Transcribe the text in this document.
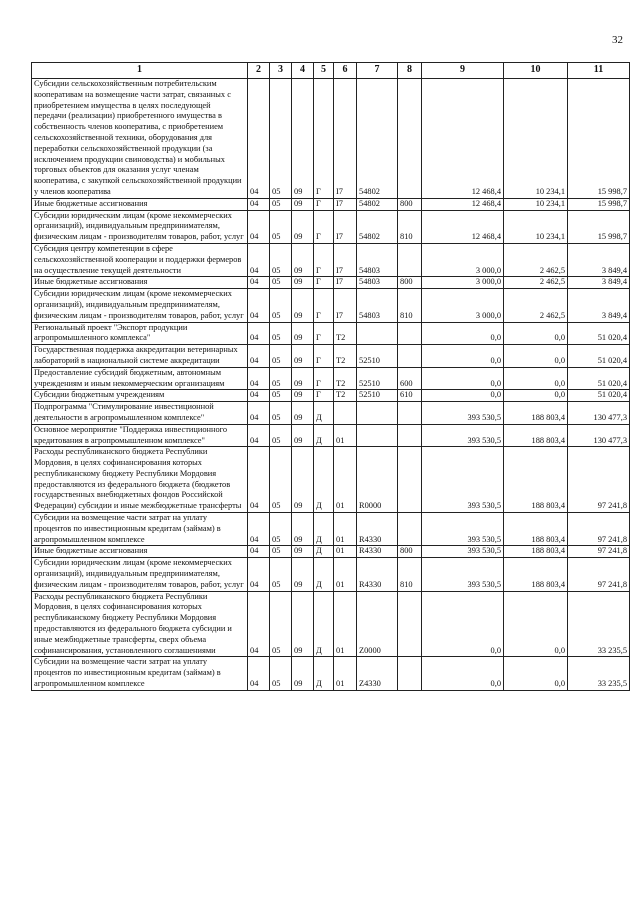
32
1	2	3	4	5	6	7	8	9	10	11
Субсидии сельскохозяйственным потребительским кооперативам на возмещение части затрат, связанных с приобретением имущества в целях последующей передачи (реализации) приобретенного имущества в собственность членов кооператива, с приобретением сельскохозяйственной техники, оборудования для переработки сельскохозяйственной продукции (за исключением продукции свиноводства) и мобильных торговых объектов для оказания услуг членам кооператива, с закупкой сельскохозяйственной продукции у членов кооператива	04	05	09	Г	I7	54802		12 468,4	10 234,1	15 998,7
Иные бюджетные ассигнования	04	05	09	Г	I7	54802	800	12 468,4	10 234,1	15 998,7
Субсидии юридическим лицам (кроме некоммерческих организаций), индивидуальным предпринимателям, физическим лицам - производителям товаров, работ, услуг	04	05	09	Г	I7	54802	810	12 468,4	10 234,1	15 998,7
Субсидия центру компетенции в сфере сельскохозяйственной кооперации и поддержки фермеров на осуществление текущей деятельности	04	05	09	Г	I7	54803		3 000,0	2 462,5	3 849,4
Иные бюджетные ассигнования	04	05	09	Г	I7	54803	800	3 000,0	2 462,5	3 849,4
Субсидии юридическим лицам (кроме некоммерческих организаций), индивидуальным предпринимателям, физическим лицам - производителям товаров, работ, услуг	04	05	09	Г	I7	54803	810	3 000,0	2 462,5	3 849,4
Региональный проект "Экспорт продукции агропромышленного комплекса"	04	05	09	Г	T2			0,0	0,0	51 020,4
Государственная поддержка аккредитации ветеринарных лабораторий в национальной системе аккредитации	04	05	09	Г	T2	52510		0,0	0,0	51 020,4
Предоставление субсидий бюджетным, автономным учреждениям и иным некоммерческим организациям	04	05	09	Г	T2	52510	600	0,0	0,0	51 020,4
Субсидии бюджетным учреждениям	04	05	09	Г	T2	52510	610	0,0	0,0	51 020,4
Подпрограмма "Стимулирование инвестиционной деятельности в агропромышленном комплексе"	04	05	09	Д				393 530,5	188 803,4	130 477,3
Основное мероприятие "Поддержка инвестиционного кредитования в агропромышленном комплексе"	04	05	09	Д	01			393 530,5	188 803,4	130 477,3
Расходы республиканского бюджета Республики Мордовия, в целях софинансирования которых республиканскому бюджету Республики Мордовия предоставляются из федерального бюджета (бюджетов государственных внебюджетных фондов Российской Федерации) субсидии и иные межбюджетные трансферты	04	05	09	Д	01	R0000		393 530,5	188 803,4	97 241,8
Субсидии на возмещение части затрат на уплату процентов по инвестиционным кредитам (займам) в агропромышленном комплексе	04	05	09	Д	01	R4330		393 530,5	188 803,4	97 241,8
Иные бюджетные ассигнования	04	05	09	Д	01	R4330	800	393 530,5	188 803,4	97 241,8
Субсидии юридическим лицам (кроме некоммерческих организаций), индивидуальным предпринимателям, физическим лицам - производителям товаров, работ, услуг	04	05	09	Д	01	R4330	810	393 530,5	188 803,4	97 241,8
Расходы республиканского бюджета Республики Мордовия, в целях софинансирования которых республиканскому бюджету Республики Мордовия предоставляются из федерального бюджета субсидии и иные межбюджетные трансферты, сверх объема софинансирования, установленного соглашениями	04	05	09	Д	01	Z0000		0,0	0,0	33 235,5
Субсидии на возмещение части затрат на уплату процентов по инвестиционным кредитам (займам) в агропромышленном комплексе	04	05	09	Д	01	Z4330		0,0	0,0	33 235,5
